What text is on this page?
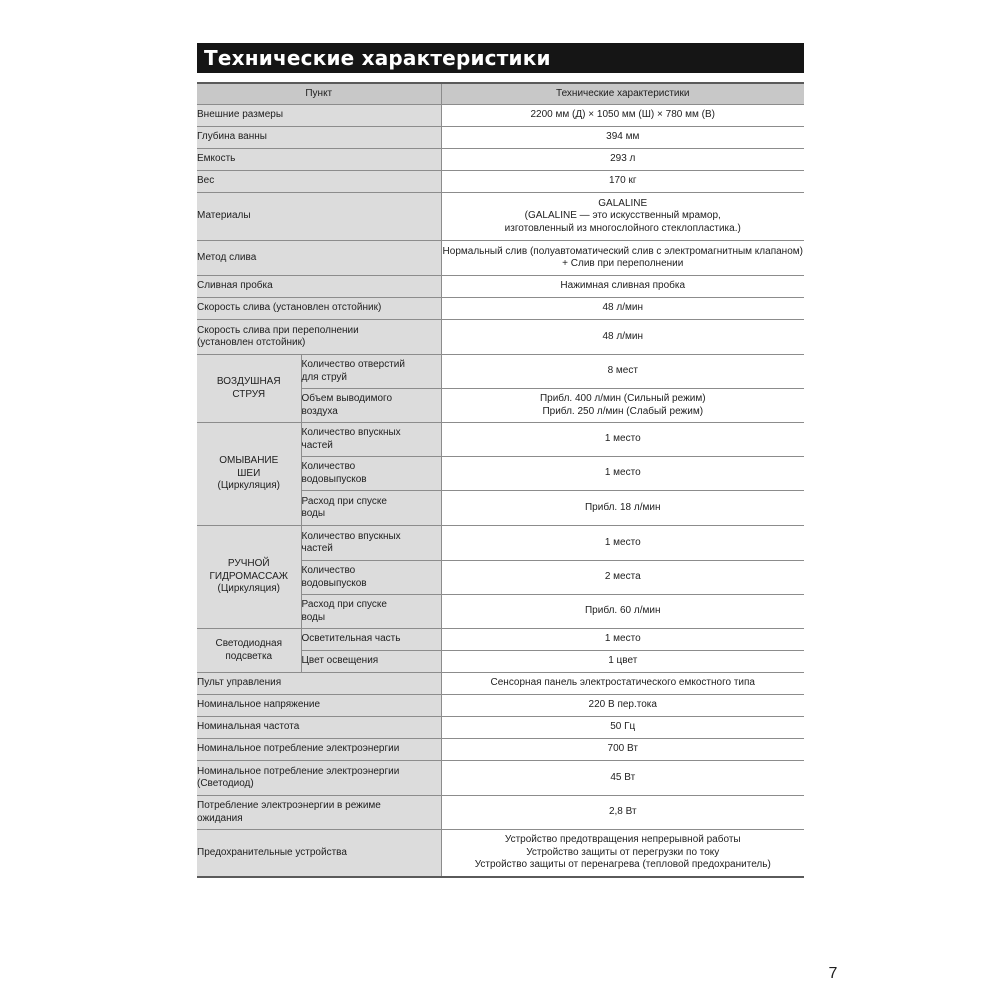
Технические характеристики
Пункт		Технические характеристики

Внешние размеры		2200 мм (Д) × 1050 мм (Ш) × 780 мм (В)

Глубина ванны		394 мм

Емкость		293 л

Вес		170 кг

Материалы		GALALINE
(GALALINE — это искусственный мрамор,
изготовленный из многослойного стеклопластика.)

Метод слива		Нормальный слив (полуавтоматический слив с электромагнитным клапаном)
+ Слив при переполнении

Сливная пробка		Нажимная сливная пробка

Скорость слива (установлен отстойник)		48 л/мин

Скорость слива при переполнении
(установлен отстойник)		48 л/мин

ВОЗДУШНАЯ
СТРУЯ	Количество отверстий
для струй	8 мест

	Объем выводимого
воздуха	Прибл. 400 л/мин (Сильный режим)
Прибл. 250 л/мин (Слабый режим)

ОМЫВАНИЕ
ШЕИ
(Циркуляция)	Количество впускных
частей	1 место

	Количество
водовыпусков	1 место

	Расход при спуске
воды	Прибл. 18 л/мин

РУЧНОЙ
ГИДРОМАССАЖ
(Циркуляция)	Количество впускных
частей	1 место

	Количество
водовыпусков	2 места

	Расход при спуске
воды	Прибл. 60 л/мин

Светодиодная
подсветка	Осветительная часть	1 место

	Цвет освещения	1 цвет

Пульт управления		Сенсорная панель электростатического емкостного типа

Номинальное напряжение		220 В пер.тока

Номинальная частота		50 Гц

Номинальное потребление электроэнергии		700 Вт

Номинальное потребление электроэнергии
(Светодиод)		45 Вт

Потребление электроэнергии в режиме
ожидания		2,8 Вт

Предохранительные устройства		Устройство предотвращения непрерывной работы
Устройство защиты от перегрузки по току
Устройство защиты от перенагрева (тепловой предохранитель)
7
